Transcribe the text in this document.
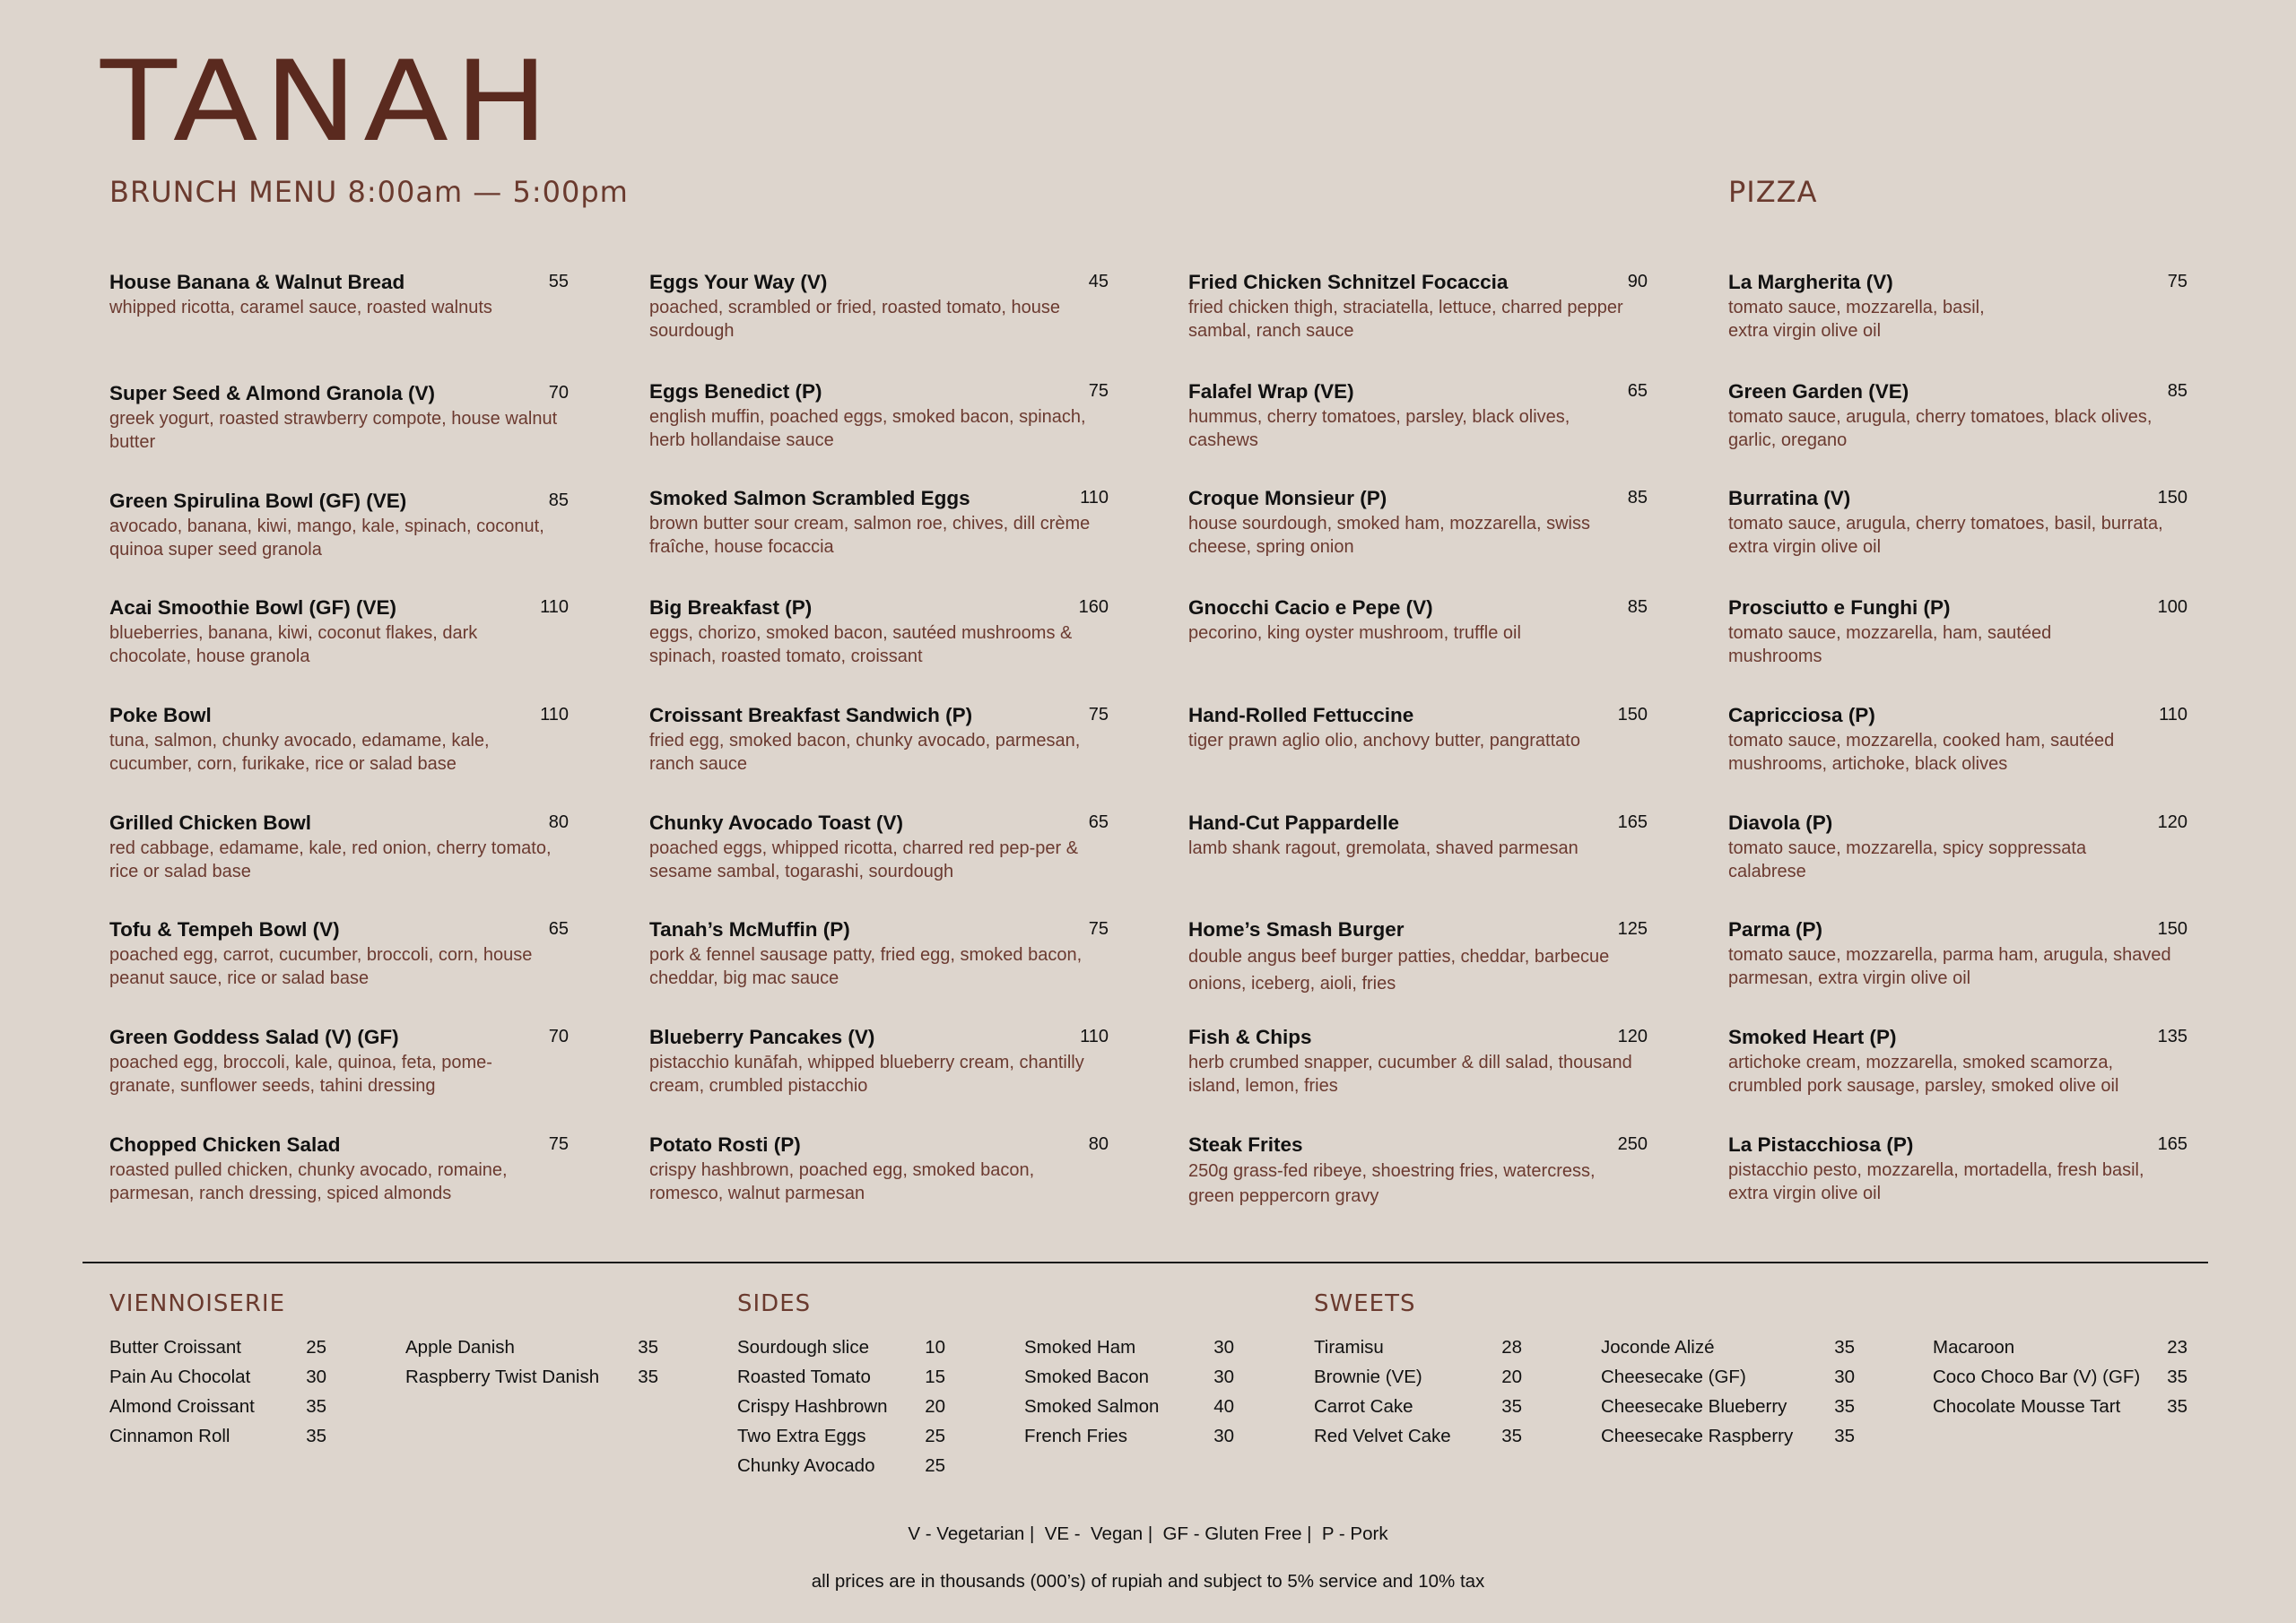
TANAH
BRUNCH MENU 8:00am — 5:00pm	PIZZA
House Banana & Walnut Bread	55
whipped ricotta, caramel sauce, roasted walnuts
Super Seed & Almond Granola (V)	70
greek yogurt, roasted strawberry compote, house walnut butter
Green Spirulina Bowl (GF) (VE)	85
avocado, banana, kiwi, mango, kale, spinach, coconut, quinoa super seed granola
Acai Smoothie Bowl (GF) (VE)	110
blueberries, banana, kiwi, coconut flakes, dark chocolate, house granola
Poke Bowl	110
tuna, salmon, chunky avocado, edamame, kale, cucumber, corn, furikake, rice or salad base
Grilled Chicken Bowl	80
red cabbage, edamame, kale, red onion, cherry tomato, rice or salad base
Tofu & Tempeh Bowl (V)	65
poached egg, carrot, cucumber, broccoli, corn, house peanut sauce, rice or salad base
Green Goddess Salad (V) (GF)	70
poached egg, broccoli, kale, quinoa, feta, pome-granate, sunflower seeds, tahini dressing
Chopped Chicken Salad	75
roasted pulled chicken, chunky avocado, romaine, parmesan, ranch dressing, spiced almonds
Eggs Your Way (V)	45
poached, scrambled or fried, roasted tomato, house sourdough
Eggs Benedict (P)	75
english muffin, poached eggs, smoked bacon, spinach, herb hollandaise sauce
Smoked Salmon Scrambled Eggs	110
brown butter sour cream, salmon roe, chives, dill crème fraîche, house focaccia
Big Breakfast (P)	160
eggs, chorizo, smoked bacon, sautéed mushrooms & spinach, roasted tomato, croissant
Croissant Breakfast Sandwich (P)	75
fried egg, smoked bacon, chunky avocado, parmesan, ranch sauce
Chunky Avocado Toast (V)	65
poached eggs, whipped ricotta, charred red pep-per & sesame sambal, togarashi, sourdough
Tanah’s McMuffin (P)	75
pork & fennel sausage patty, fried egg, smoked bacon, cheddar, big mac sauce
Blueberry Pancakes (V)	110
pistacchio kunāfah, whipped blueberry cream, chantilly cream, crumbled pistacchio
Potato Rosti (P)	80
crispy hashbrown, poached egg, smoked bacon, romesco, walnut parmesan
Fried Chicken Schnitzel Focaccia	90
fried chicken thigh, straciatella, lettuce, charred pepper sambal, ranch sauce
Falafel Wrap (VE)	65
hummus, cherry tomatoes, parsley, black olives, cashews
Croque Monsieur (P)	85
house sourdough, smoked ham, mozzarella, swiss cheese, spring onion
Gnocchi Cacio e Pepe (V)	85
pecorino, king oyster mushroom, truffle oil
Hand-Rolled Fettuccine	150
tiger prawn aglio olio, anchovy butter, pangrattato
Hand-Cut Pappardelle	165
lamb shank ragout, gremolata, shaved parmesan
Home’s Smash Burger	125
double angus beef burger patties, cheddar, barbecue onions, iceberg, aioli, fries
Fish & Chips	120
herb crumbed snapper, cucumber & dill salad, thousand island, lemon, fries
Steak Frites	250
250g grass-fed ribeye, shoestring fries, watercress, green peppercorn gravy
La Margherita (V)	75
tomato sauce, mozzarella, basil, extra virgin olive oil
Green Garden (VE)	85
tomato sauce, arugula, cherry tomatoes, black olives, garlic, oregano
Burratina (V)	150
tomato sauce, arugula, cherry tomatoes, basil, burrata, extra virgin olive oil
Prosciutto e Funghi (P)	100
tomato sauce, mozzarella, ham, sautéed mushrooms
Capricciosa (P)	110
tomato sauce, mozzarella, cooked ham, sautéed mushrooms, artichoke, black olives
Diavola (P)	120
tomato sauce, mozzarella, spicy soppressata calabrese
Parma (P)	150
tomato sauce, mozzarella, parma ham, arugula, shaved parmesan, extra virgin olive oil
Smoked Heart (P)	135
artichoke cream, mozzarella, smoked scamorza, crumbled pork sausage, parsley, smoked olive oil
La Pistacchiosa (P)	165
pistacchio pesto, mozzarella, mortadella, fresh basil, extra virgin olive oil
VIENNOISERIE	SIDES	SWEETS
Butter Croissant	25
Pain Au Chocolat	30
Almond Croissant	35
Cinnamon Roll	35
Apple Danish	35
Raspberry Twist Danish 35
Sourdough slice	10
Roasted Tomato	15
Crispy Hashbrown 20
Two Extra Eggs	25
Chunky Avocado	25
Smoked Ham	30
Smoked Bacon	30
Smoked Salmon	40
French Fries	30
Tiramisu	28
Brownie (VE)	20
Carrot Cake	35
Red Velvet Cake	35
Joconde Alizé	35
Cheesecake (GF)	30
Cheesecake Blueberry	35
Cheesecake Raspberry 35
Macaroon	23
Coco Choco Bar (V) (GF) 35
Chocolate Mousse Tart	35
V - Vegetarian |  VE -  Vegan |  GF - Gluten Free |  P - Pork
all prices are in thousands (000’s) of rupiah and subject to 5% service and 10% tax
